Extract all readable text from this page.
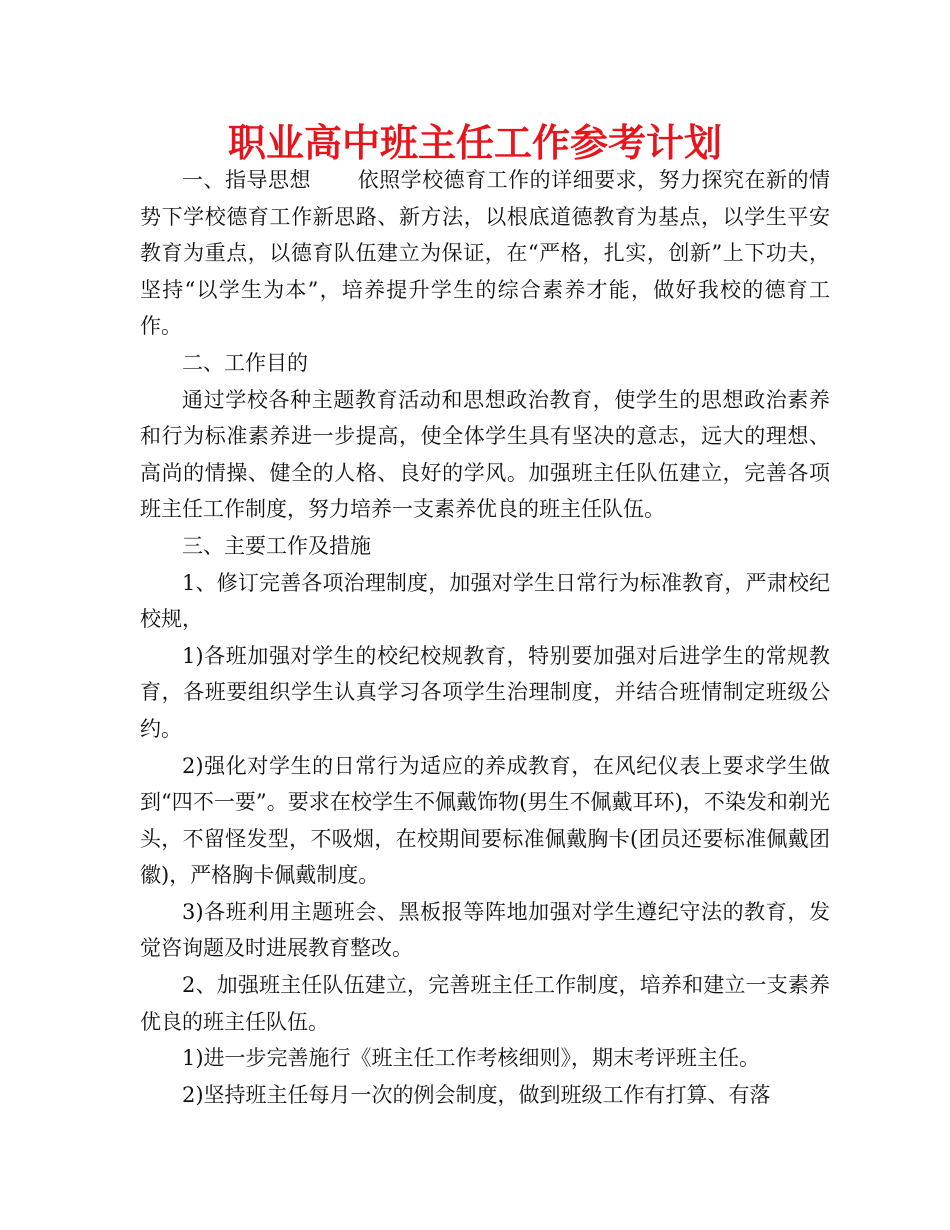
职业高中班主任工作参考计划

一、指导思想 依照学校德育工作的详细要求，努力探究在新的情势下学校德育工作新思路、新方法，以根底道德教育为基点，以学生平安教育为重点，以德育队伍建立为保证，在“严格，扎实，创新”上下功夫，坚持“以学生为本”，培养提升学生的综合素养才能，做好我校的德育工作。

二、工作目的

通过学校各种主题教育活动和思想政治教育，使学生的思想政治素养和行为标准素养进一步提高，使全体学生具有坚决的意志，远大的理想、高尚的情操、健全的人格、良好的学风。加强班主任队伍建立，完善各项班主任工作制度，努力培养一支素养优良的班主任队伍。

三、主要工作及措施

1、修订完善各项治理制度，加强对学生日常行为标准教育，严肃校纪校规，

1)各班加强对学生的校纪校规教育，特别要加强对后进学生的常规教育，各班要组织学生认真学习各项学生治理制度，并结合班情制定班级公约。

2)强化对学生的日常行为适应的养成教育，在风纪仪表上要求学生做到“四不一要”。要求在校学生不佩戴饰物(男生不佩戴耳环)，不染发和剃光头，不留怪发型，不吸烟，在校期间要标准佩戴胸卡(团员还要标准佩戴团徽)，严格胸卡佩戴制度。

3)各班利用主题班会、黑板报等阵地加强对学生遵纪守法的教育，发觉咨询题及时进展教育整改。

2、加强班主任队伍建立，完善班主任工作制度，培养和建立一支素养优良的班主任队伍。

1)进一步完善施行《班主任工作考核细则》，期末考评班主任。

2)坚持班主任每月一次的例会制度，做到班级工作有打算、有落
